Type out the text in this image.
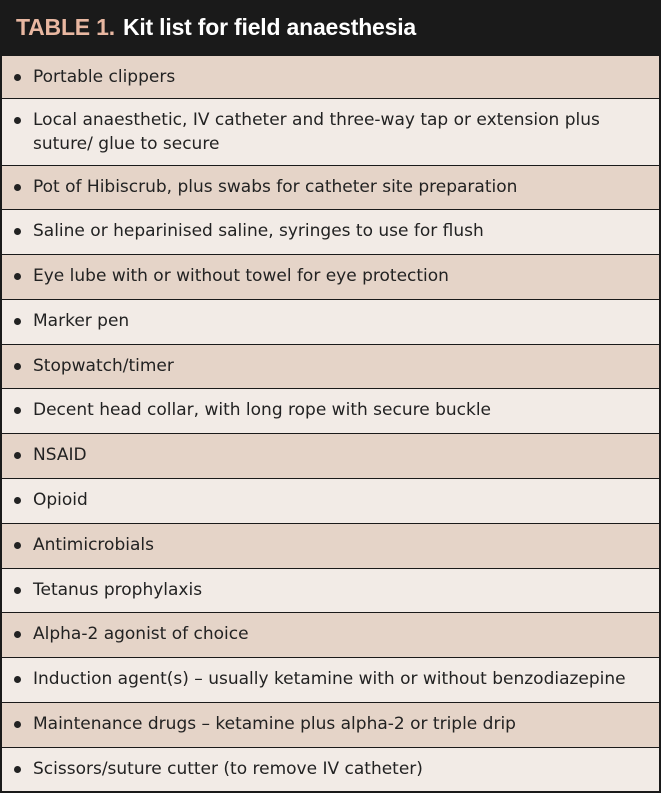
TABLE 1. Kit list for field anaesthesia
Portable clippers
Local anaesthetic, IV catheter and three-way tap or extension plus suture/ glue to secure
Pot of Hibiscrub, plus swabs for catheter site preparation
Saline or heparinised saline, syringes to use for flush
Eye lube with or without towel for eye protection
Marker pen
Stopwatch/timer
Decent head collar, with long rope with secure buckle
NSAID
Opioid
Antimicrobials
Tetanus prophylaxis
Alpha-2 agonist of choice
Induction agent(s) – usually ketamine with or without benzodiazepine
Maintenance drugs – ketamine plus alpha-2 or triple drip
Scissors/suture cutter (to remove IV catheter)
